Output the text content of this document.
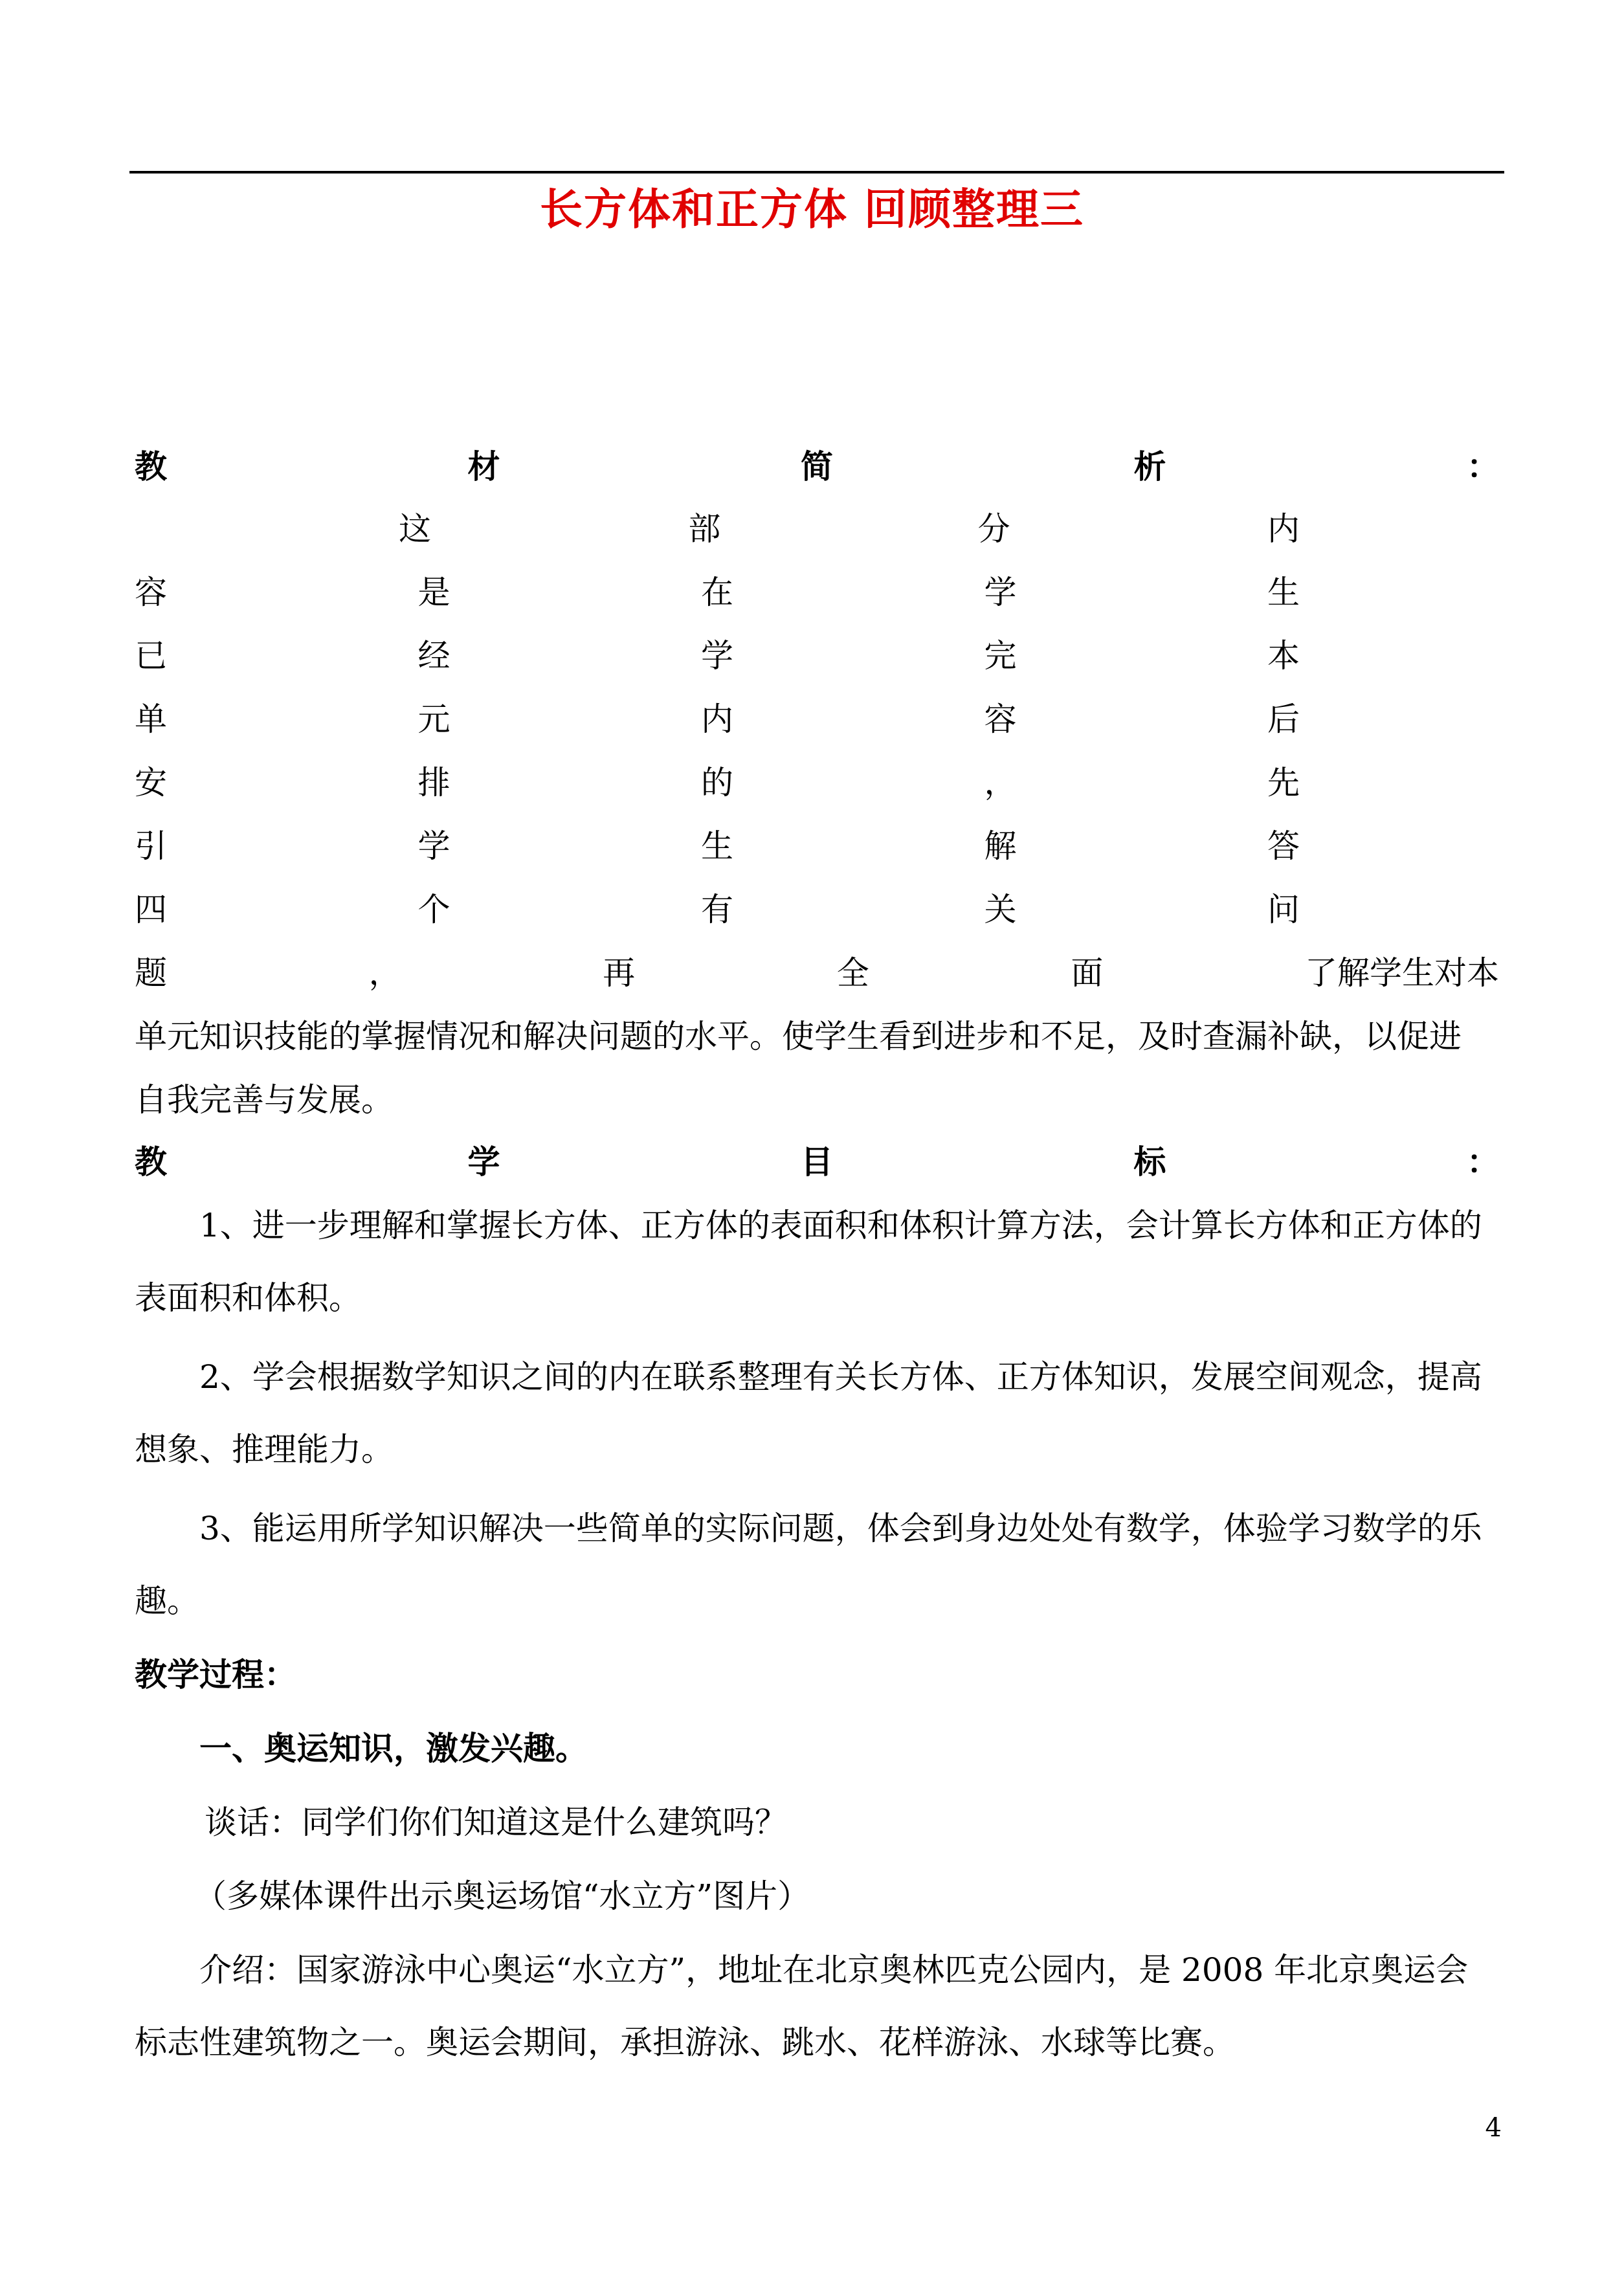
长方体和正方体 回顾整理三
教	材	简	析	：
这	部	分	内
容	是	在	学	生
已	经	学	完	本
单	元	内	容	后
安	排	的	，	先
引	学	生	解	答
四	个	有	关	问
题	，	再	全	面	了解学生对本
单元知识技能的掌握情况和解决问题的水平。使学生看到进步和不足，及时查漏补缺，以促进
自我完善与发展。
教	学	目	标	：
1、进一步理解和掌握长方体、正方体的表面积和体积计算方法，会计算长方体和正方体的
表面积和体积。
2、学会根据数学知识之间的内在联系整理有关长方体、正方体知识，发展空间观念，提高
想象、推理能力。
3、能运用所学知识解决一些简单的实际问题，体会到身边处处有数学，体验学习数学的乐
趣。
教学过程：
一、奥运知识，激发兴趣。
谈话：同学们你们知道这是什么建筑吗？
（多媒体课件出示奥运场馆“水立方”图片）
介绍：国家游泳中心奥运“水立方”，地址在北京奥林匹克公园内，是 2008 年北京奥运会
标志性建筑物之一。奥运会期间，承担游泳、跳水、花样游泳、水球等比赛。
4
